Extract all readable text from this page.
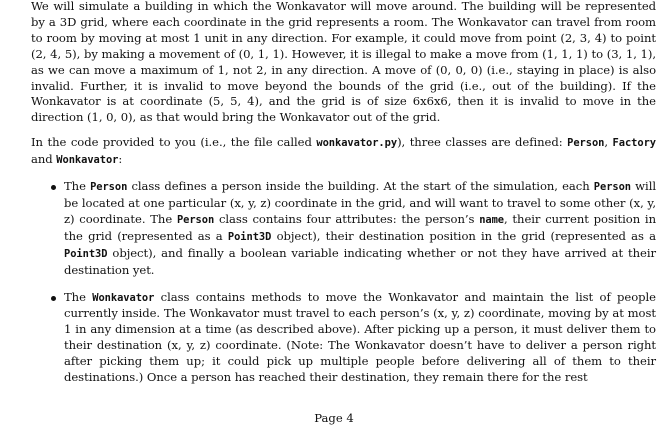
We will simulate a building in which the Wonkavator will move around. The building will be represented by a 3D grid, where each coordinate in the grid represents a room. The Wonkavator can travel from room to room by moving at most 1 unit in any direction. For example, it could move from point (2, 3, 4) to point (2, 4, 5), by making a movement of (0, 1, 1). However, it is illegal to make a move from (1, 1, 1) to (3, 1, 1), as we can move a maximum of 1, not 2, in any direction. A move of (0, 0, 0) (i.e., staying in place) is also invalid. Further, it is invalid to move beyond the bounds of the grid (i.e., out of the building). If the Wonkavator is at coordinate (5, 5, 4), and the grid is of size 6x6x6, then it is invalid to move in the direction (1, 0, 0), as that would bring the Wonkavator out of the grid.

In the code provided to you (i.e., the file called wonkavator.py), three classes are defined: Person, Factory and Wonkavator:

The Person class defines a person inside the building. At the start of the simulation, each Person will be located at one particular (x, y, z) coordinate in the grid, and will want to travel to some other (x, y, z) coordinate. The Person class contains four attributes: the person’s name, their current position in the grid (represented as a Point3D object), their destination position in the grid (represented as a Point3D object), and finally a boolean variable indicating whether or not they have arrived at their destination yet.

The Wonkavator class contains methods to move the Wonkavator and maintain the list of people currently inside. The Wonkavator must travel to each person’s (x, y, z) coordinate, moving by at most 1 in any dimension at a time (as described above). After picking up a person, it must deliver them to their destination (x, y, z) coordinate. (Note: The Wonkavator doesn’t have to deliver a person right after picking them up; it could pick up multiple people before delivering all of them to their destinations.) Once a person has reached their destination, they remain there for the rest

Page 4
